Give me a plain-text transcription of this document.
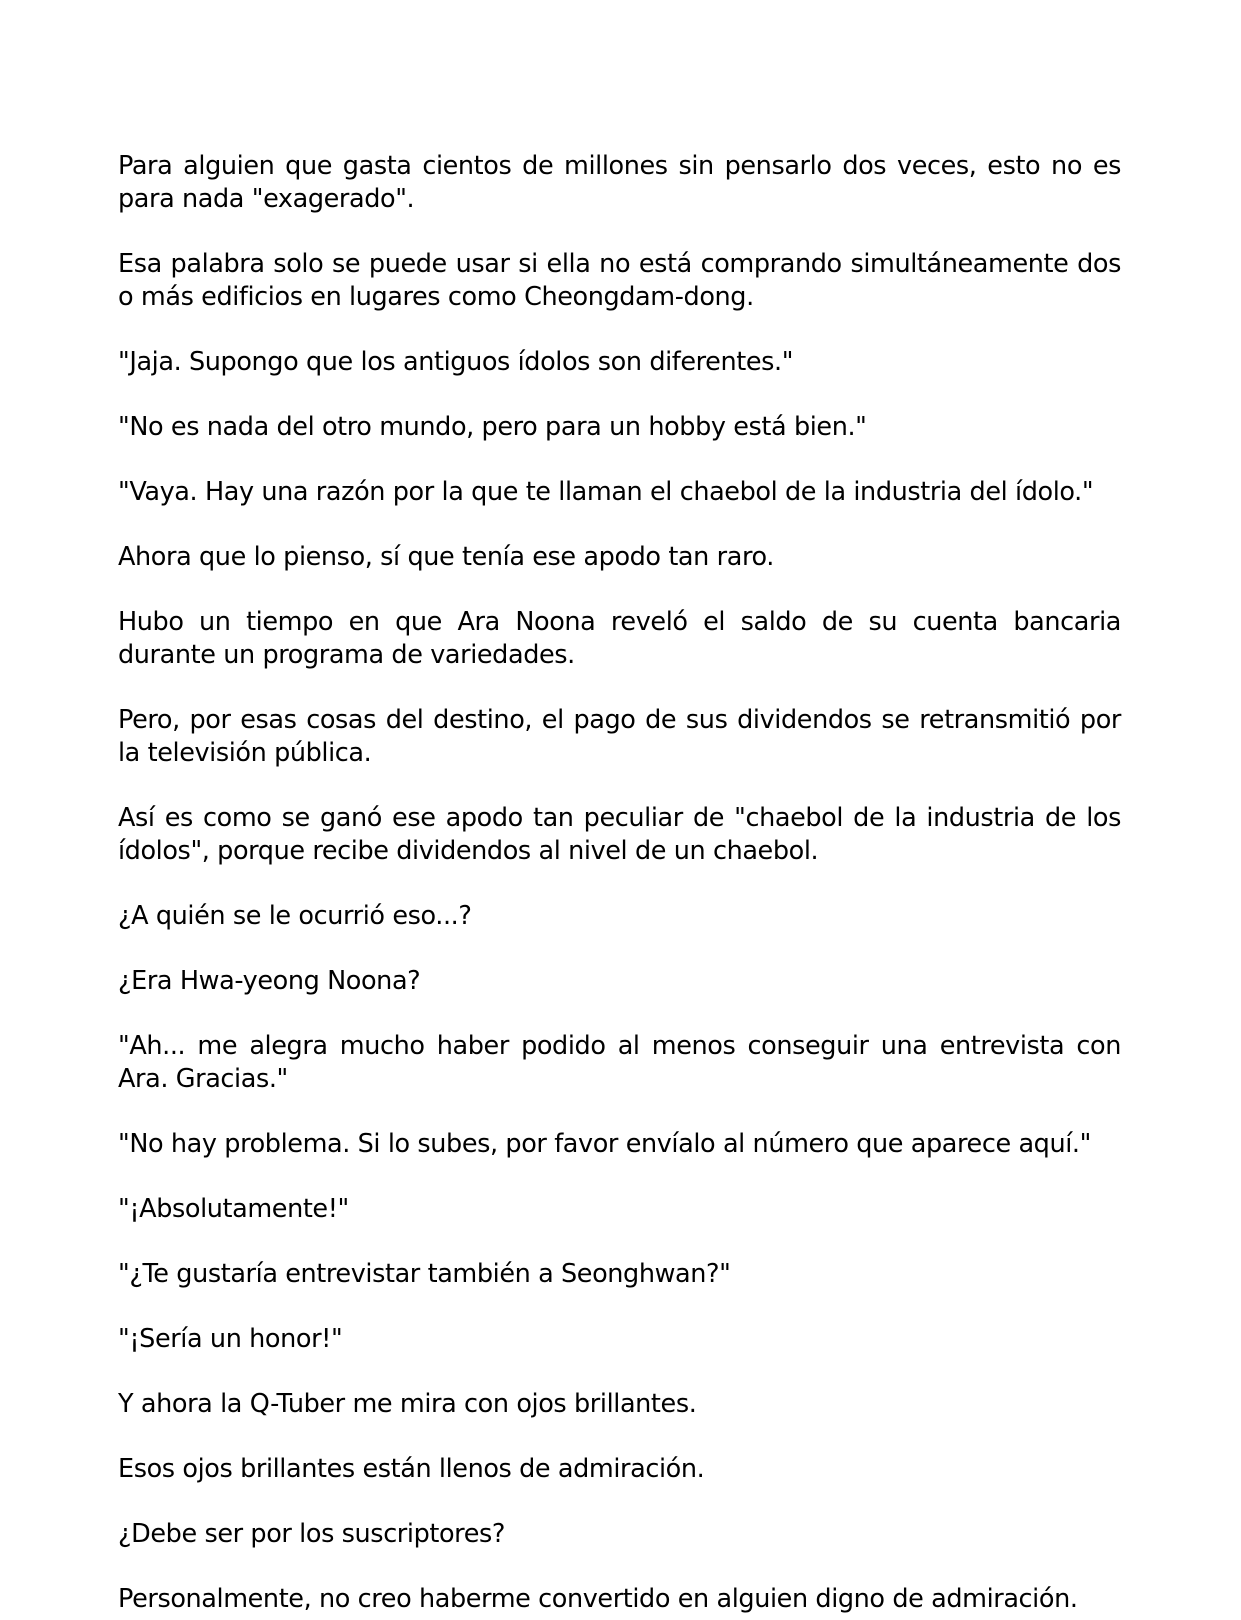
Para alguien que gasta cientos de millones sin pensarlo dos veces, esto no es para nada "exagerado".

Esa palabra solo se puede usar si ella no está comprando simultáneamente dos o más edificios en lugares como Cheongdam-dong.

"Jaja. Supongo que los antiguos ídolos son diferentes."

"No es nada del otro mundo, pero para un hobby está bien."

"Vaya. Hay una razón por la que te llaman el chaebol de la industria del ídolo."

Ahora que lo pienso, sí que tenía ese apodo tan raro.

Hubo un tiempo en que Ara Noona reveló el saldo de su cuenta bancaria durante un programa de variedades.

Pero, por esas cosas del destino, el pago de sus dividendos se retransmitió por la televisión pública.

Así es como se ganó ese apodo tan peculiar de "chaebol de la industria de los ídolos", porque recibe dividendos al nivel de un chaebol.

¿A quién se le ocurrió eso...?

¿Era Hwa-yeong Noona?

"Ah... me alegra mucho haber podido al menos conseguir una entrevista con Ara. Gracias."

"No hay problema. Si lo subes, por favor envíalo al número que aparece aquí."

"¡Absolutamente!"

"¿Te gustaría entrevistar también a Seonghwan?"

"¡Sería un honor!"

Y ahora la Q-Tuber me mira con ojos brillantes.

Esos ojos brillantes están llenos de admiración.

¿Debe ser por los suscriptores?

Personalmente, no creo haberme convertido en alguien digno de admiración.
